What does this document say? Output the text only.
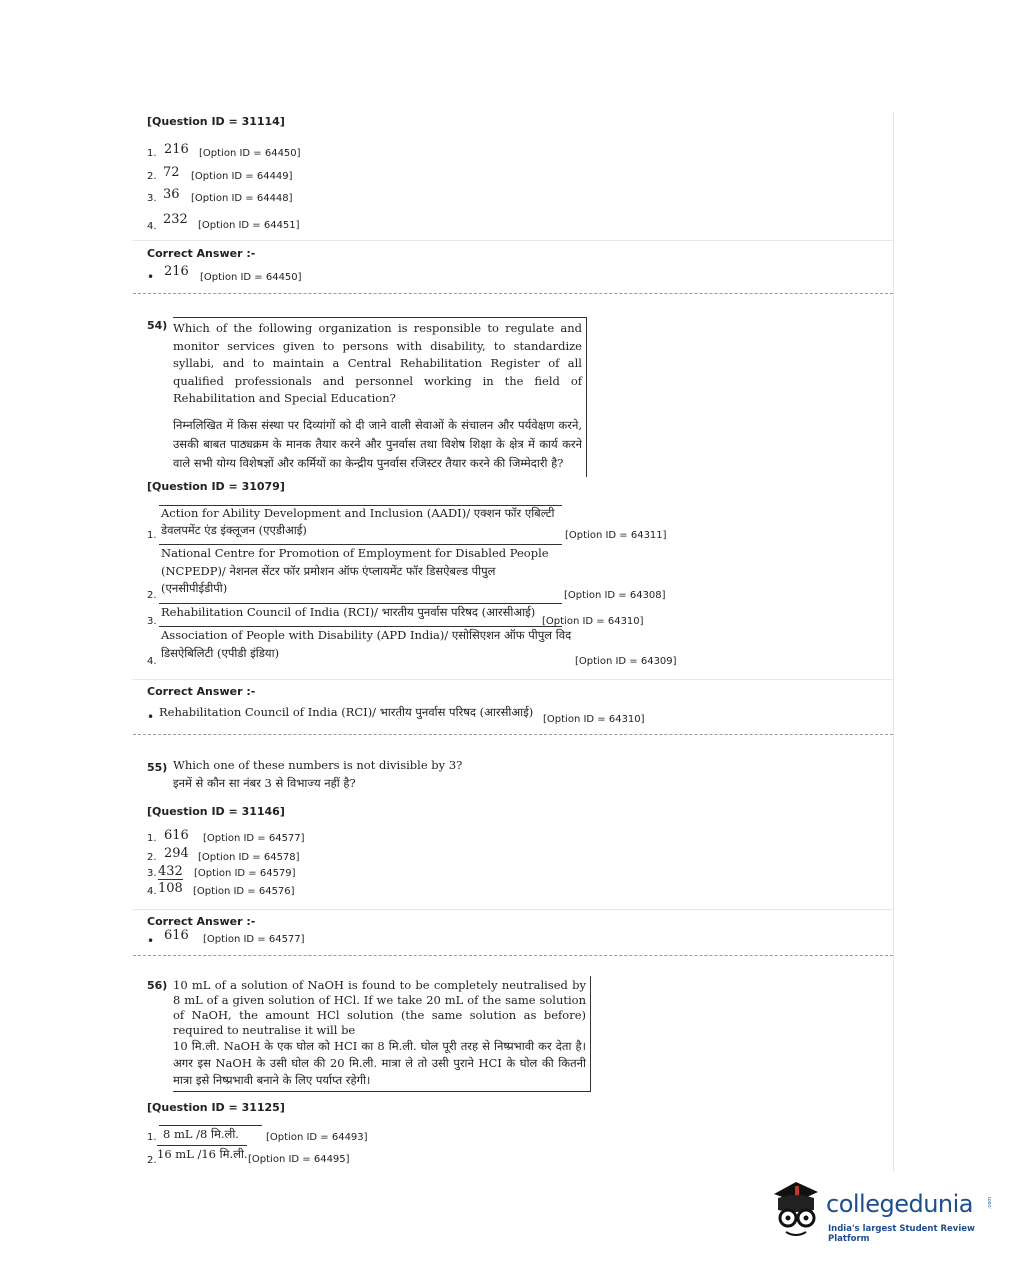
[Question ID = 31114]
1. 216 [Option ID = 64450]
2. 72 [Option ID = 64449]
3. 36 [Option ID = 64448]
4. 232 [Option ID = 64451]
Correct Answer :-
• 216 [Option ID = 64450]
54) Which of the following organization is responsible to regulate and monitor services given to persons with disability, to standardize syllabi, and to maintain a Central Rehabilitation Register of all qualified professionals and personnel working in the field of Rehabilitation and Special Education?

निम्नलिखित में किस संस्था पर दिव्यांगों को दी जाने वाली सेवाओं के संचालन और पर्यवेक्षण करने, उसकी बाबत पाठ्यक्रम के मानक तैयार करने और पुनर्वास तथा विशेष शिक्षा के क्षेत्र में कार्य करने वाले सभी योग्य विशेषज्ञों और कर्मियों का केन्द्रीय पुनर्वास रजिस्टर तैयार करने की जिम्मेदारी है?

[Question ID = 31079]
Action for Ability Development and Inclusion (AADI)/ एक्शन फॉर एबिल्टी
1. डेवलपमेंट एंड इंक्लूजन (एएडीआई)	[Option ID = 64311]
National Centre for Promotion of Employment for Disabled People
(NCPEDP)/ नेशनल सेंटर फॉर प्रमोशन ऑफ एंप्लायमेंट फॉर डिसऐबल्ड पीपुल
(एनसीपीईडीपी)
2.	[Option ID = 64308]
Rehabilitation Council of India (RCI)/ भारतीय पुनर्वास परिषद (आरसीआई)
3.	[Option ID = 64310]
Association of People with Disability (APD India)/ एसोसिएशन ऑफ पीपुल विद
डिसऐबिलिटी (एपीडी इंडिया)
4.	[Option ID = 64309]
Correct Answer :-
• Rehabilitation Council of India (RCI)/ भारतीय पुनर्वास परिषद (आरसीआई)
[Option ID = 64310]
55) Which one of these numbers is not divisible by 3?
इनमें से कौन सा नंबर 3 से विभाज्य नहीं है?
[Question ID = 31146]
1. 616 [Option ID = 64577]
2. 294 [Option ID = 64578]
3. 432 [Option ID = 64579]
4. 108 [Option ID = 64576]
Correct Answer :-
• 616 [Option ID = 64577]
56) 10 mL of a solution of NaOH is found to be completely neutralised by 8 mL of a given solution of HCl. If we take 20 mL of the same solution of NaOH, the amount HCl solution (the same solution as before) required to neutralise it will be

10 मि.ली. NaOH के एक घोल को HCI का 8 मि.ली. घोल पूरी तरह से निष्प्रभावी कर देता है। अगर इस NaOH के उसी घोल की 20 मि.ली. मात्रा ले तो उसी पुराने HCI के घोल की कितनी मात्रा इसे निष्प्रभावी बनाने के लिए पर्याप्त रहेगी।

[Question ID = 31125]
1. 8 mL /8 मि.ली.	[Option ID = 64493]
2. 16 mL /16 मि.ली. [Option ID = 64495]
collegedunia	.com
India's largest Student Review Platform
